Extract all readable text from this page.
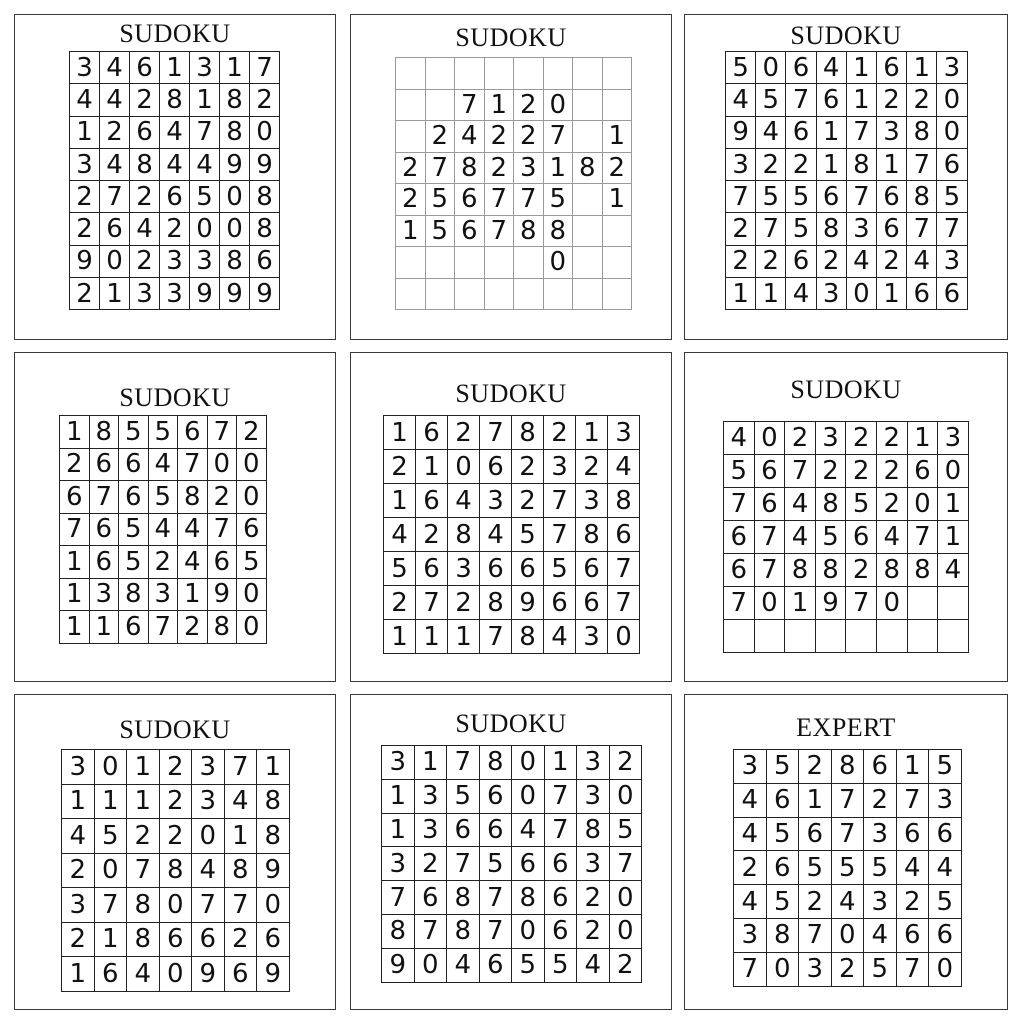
SUDOKU
3 4 6 1 3 1 7
4 4 2 8 1 8 2
1 2 6 4 7 8 0
3 4 8 4 4 9 9
2 7 2 6 5 0 8
2 6 4 2 0 0 8
9 0 2 3 3 8 6
2 1 3 3 9 9 9
SUDOKU
7 1 2 0
2 4 2 2 7 1
2 7 8 2 3 1 8 2
2 5 6 7 7 5 1
1 5 6 7 8 8
0
SUDOKU
5 0 6 4 1 6 1 3
4 5 7 6 1 2 2 0
9 4 6 1 7 3 8 0
3 2 2 1 8 1 7 6
7 5 5 6 7 6 8 5
2 7 5 8 3 6 7 7
2 2 6 2 4 2 4 3
1 1 4 3 0 1 6 6
SUDOKU
1 8 5 5 6 7 2
2 6 6 4 7 0 0
6 7 6 5 8 2 0
7 6 5 4 4 7 6
1 6 5 2 4 6 5
1 3 8 3 1 9 0
1 1 6 7 2 8 0
SUDOKU
1 6 2 7 8 2 1 3
2 1 0 6 2 3 2 4
1 6 4 3 2 7 3 8
4 2 8 4 5 7 8 6
5 6 3 6 6 5 6 7
2 7 2 8 9 6 6 7
1 1 1 7 8 4 3 0
SUDOKU
4 0 2 3 2 2 1 3
5 6 7 2 2 2 6 0
7 6 4 8 5 2 0 1
6 7 4 5 6 4 7 1
6 7 8 8 2 8 8 4
7 0 1 9 7 0
SUDOKU
3 0 1 2 3 7 1
1 1 1 2 3 4 8
4 5 2 2 0 1 8
2 0 7 8 4 8 9
3 7 8 0 7 7 0
2 1 8 6 6 2 6
1 6 4 0 9 6 9
SUDOKU
3 1 7 8 0 1 3 2
1 3 5 6 0 7 3 0
1 3 6 6 4 7 8 5
3 2 7 5 6 6 3 7
7 6 8 7 8 6 2 0
8 7 8 7 0 6 2 0
9 0 4 6 5 5 4 2
EXPERT
3 5 2 8 6 1 5
4 6 1 7 2 7 3
4 5 6 7 3 6 6
2 6 5 5 5 4 4
4 5 2 4 3 2 5
3 8 7 0 4 6 6
7 0 3 2 5 7 0
